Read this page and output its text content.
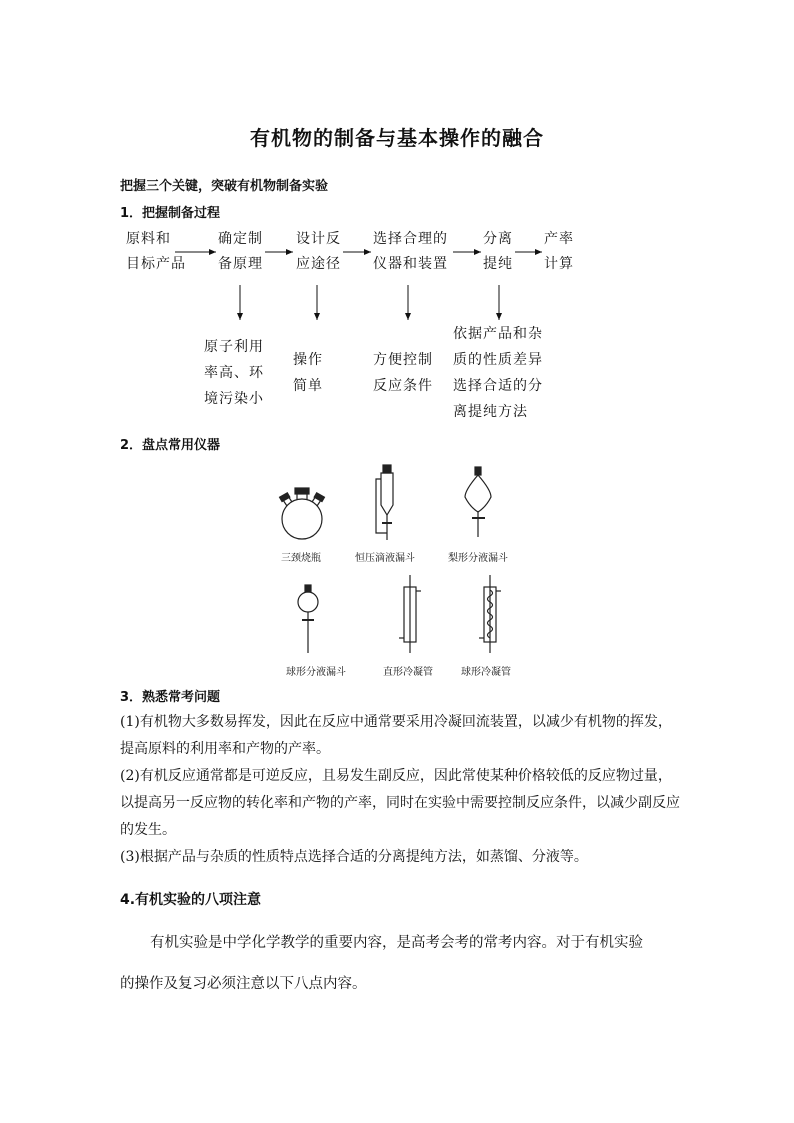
有机物的制备与基本操作的融合
把握三个关键，突破有机物制备实验
1．把握制备过程
原料和
目标产品
确定制
备原理
设计反
应途径
选择合理的
仪器和装置
分离
提纯
产率
计算
原子利用
率高、环
境污染小
操作
简单
方便控制
反应条件
依据产品和杂
质的性质差异
选择合适的分
离提纯方法
2．盘点常用仪器
三颈烧瓶	恒压滴液漏斗	梨形分液漏斗
球形分液漏斗	直形冷凝管	球形冷凝管
3．熟悉常考问题
(1)有机物大多数易挥发，因此在反应中通常要采用冷凝回流装置，以减少有机物的挥发，提高原料的利用率和产物的产率。
(2)有机反应通常都是可逆反应，且易发生副反应，因此常使某种价格较低的反应物过量，以提高另一反应物的转化率和产物的产率，同时在实验中需要控制反应条件，以减少副反应的发生。
(3)根据产品与杂质的性质特点选择合适的分离提纯方法，如蒸馏、分液等。
4.有机实验的八项注意
有机实验是中学化学教学的重要内容，是高考会考的常考内容。对于有机实验
的操作及复习必须注意以下八点内容。
